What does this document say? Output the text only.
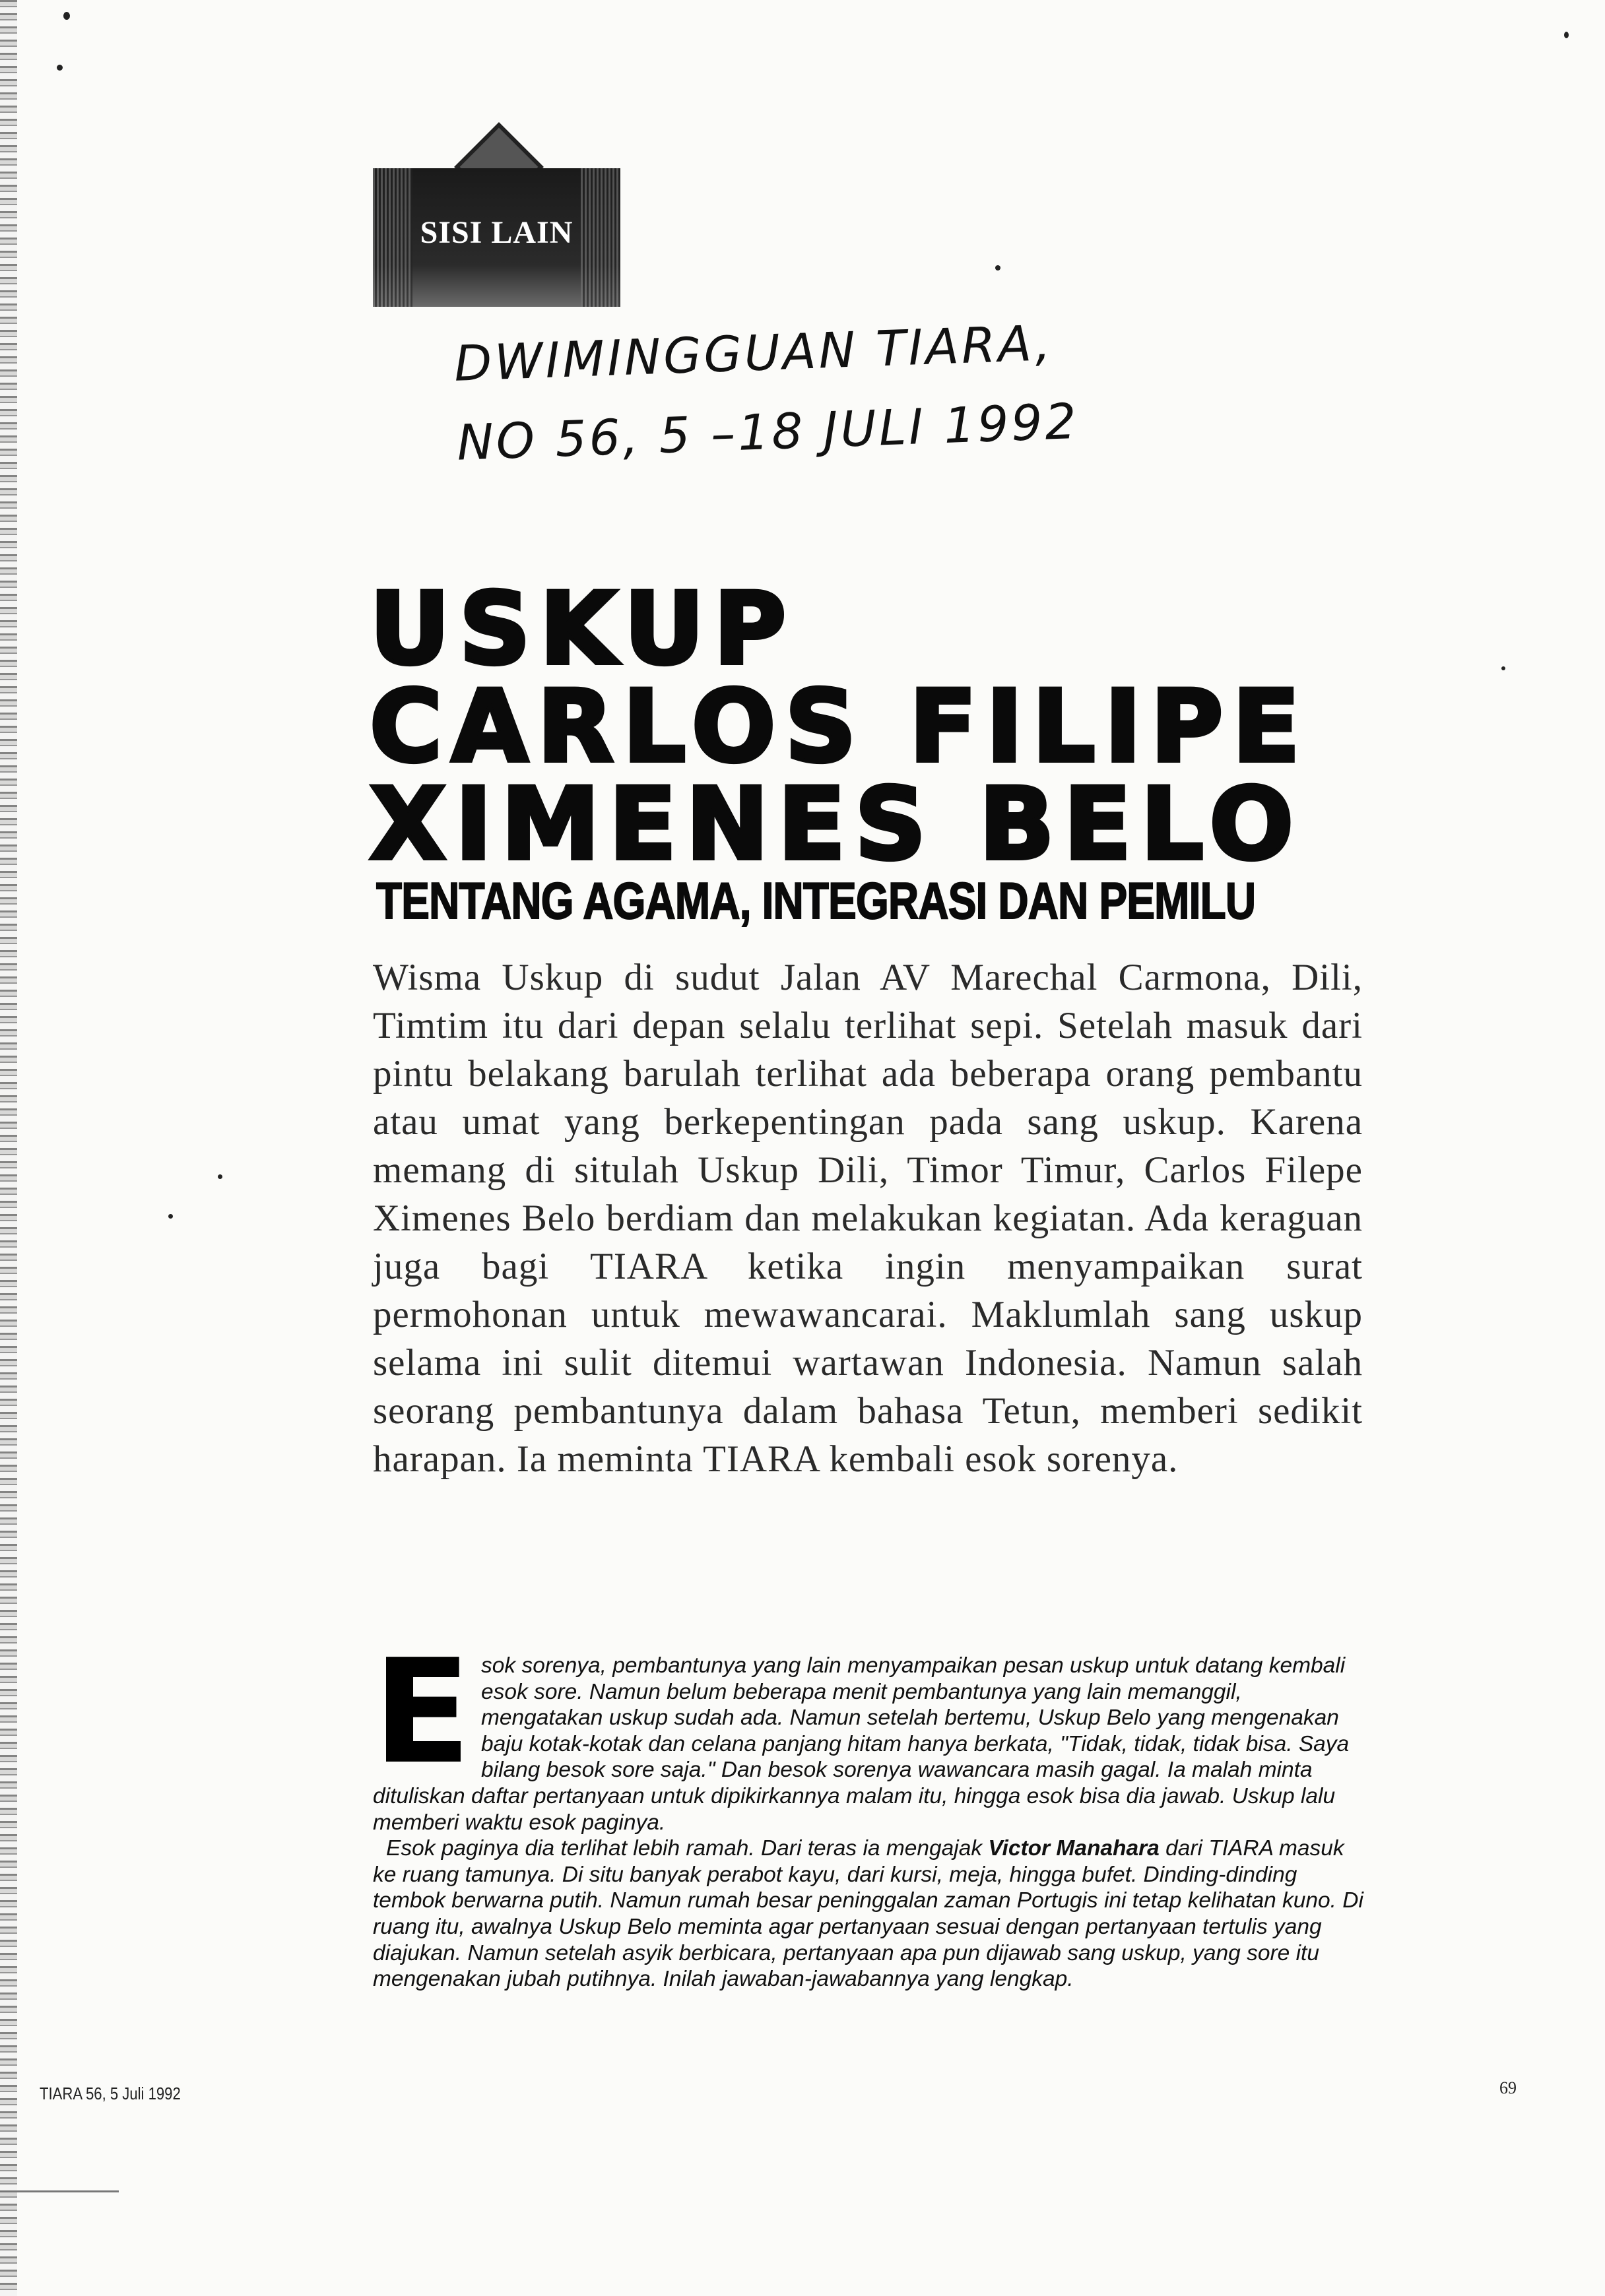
SISI LAIN
DWIMINGGUAN TIARA,
NO 56, 5 –18 JULI 1992
USKUP
CARLOS FILIPE
XIMENES BELO
TENTANG AGAMA, INTEGRASI DAN PEMILU
Wisma Uskup di sudut Jalan AV Marechal Carmona, Dili, Timtim itu dari depan selalu terlihat sepi. Setelah masuk dari pintu belakang barulah terlihat ada beberapa orang pembantu atau umat yang berkepentingan pada sang uskup. Karena memang di situlah Uskup Dili, Timor Timur, Carlos Filepe Ximenes Belo berdiam dan melakukan kegiatan. Ada keraguan juga bagi TIARA ketika ingin menyampaikan surat permohonan untuk mewawancarai. Maklumlah sang uskup selama ini sulit ditemui wartawan Indonesia. Namun salah seorang pembantunya dalam bahasa Tetun, memberi sedikit harapan. Ia meminta TIARA kembali esok sorenya.
E sok sorenya, pembantunya yang lain menyampaikan pesan uskup untuk datang kembali esok sore. Namun belum beberapa menit pembantunya yang lain memanggil, mengatakan uskup sudah ada. Namun setelah bertemu, Uskup Belo yang mengenakan baju kotak-kotak dan celana panjang hitam hanya berkata, "Tidak, tidak, tidak bisa. Saya bilang besok sore saja." Dan besok sorenya wawancara masih gagal. Ia malah minta dituliskan daftar pertanyaan untuk dipikirkannya malam itu, hingga esok bisa dia jawab. Uskup lalu memberi waktu esok paginya.

Esok paginya dia terlihat lebih ramah. Dari teras ia mengajak Victor Manahara dari TIARA masuk ke ruang tamunya. Di situ banyak perabot kayu, dari kursi, meja, hingga bufet. Dinding-dinding tembok berwarna putih. Namun rumah besar peninggalan zaman Portugis ini tetap kelihatan kuno. Di ruang itu, awalnya Uskup Belo meminta agar pertanyaan sesuai dengan pertanyaan tertulis yang diajukan. Namun setelah asyik berbicara, pertanyaan apa pun dijawab sang uskup, yang sore itu mengenakan jubah putihnya. Inilah jawaban-jawabannya yang lengkap.

TIARA 56, 5 Juli 1992	69
